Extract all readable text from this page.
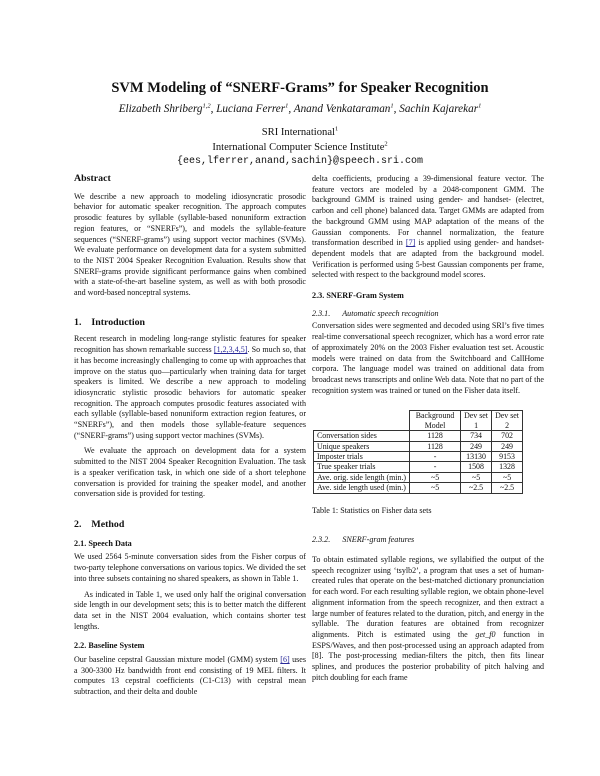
SVM Modeling of “SNERF-Grams” for Speaker Recognition
Elizabeth Shriberg$^{1,2}$, Luciana Ferrer$^1$, Anand Venkataraman$^1$, Sachin Kajarekar$^1$
SRI International$^1$
International Computer Science Institute$^2$
{ees,lferrer,anand,sachin}@speech.sri.com

Abstract

We describe a new approach to modeling idiosyncratic prosodic behavior for automatic speaker recognition. The approach computes prosodic features by syllable (syllable-based nonuniform extraction region features, or “SNERFs”), and models the syllable-feature sequences (“SNERF-grams”) using support vector machines (SVMs). We evaluate performance on development data for a system submitted to the NIST 2004 Speaker Recognition Evaluation. Results show that SNERF-grams provide significant performance gains when combined with a state-of-the-art baseline system, as well as with both prosodic and word-based nonceptral systems.

1. Introduction

Recent research in modeling long-range stylistic features for speaker recognition has shown remarkable success [1,2,3,4,5]. So much so, that it has become increasingly challenging to come up with approaches that improve on the status quo—particularly when training data for target speakers is limited. We describe a new approach to modeling idiosyncratic stylistic prosodic behaviors for automatic speaker recognition. The approach computes prosodic features associated with each syllable (syllable-based nonuniform extraction region features, or “SNERFs”), and then models those syllable-feature sequences (“SNERF-grams”) using support vector machines (SVMs).

We evaluate the approach on development data for a system submitted to the NIST 2004 Speaker Recognition Evaluation. The task is a speaker verification task, in which one side of a short telephone conversation is provided for training the speaker model, and another conversation side is provided for testing.

2. Method

2.1. Speech Data

We used 2564 5-minute conversation sides from the Fisher corpus of two-party telephone conversations on various topics. We divided the set into three subsets containing no shared speakers, as shown in Table 1.

As indicated in Table 1, we used only half the original conversation side length in our development sets; this is to better match the different data set in the NIST 2004 evaluation, which contains shorter test lengths.

2.2. Baseline System

Our baseline cepstral Gaussian mixture model (GMM) system [6] uses a 300-3300 Hz bandwidth front end consisting of 19 MEL filters. It computes 13 cepstral coefficients (C1-C13) with cepstral mean subtraction, and their delta and double

delta coefficients, producing a 39-dimensional feature vector. The feature vectors are modeled by a 2048-component GMM. The background GMM is trained using gender- and handset- (electret, carbon and cell phone) balanced data. Target GMMs are adapted from the background GMM using MAP adaptation of the means of the Gaussian components. For channel normalization, the feature transformation described in [7] is applied using gender- and handset-dependent models that are adapted from the background model. Verification is performed using 5-best Gaussian components per frame, selected with respect to the background model scores.

2.3. SNERF-Gram System

2.3.1.      Automatic speech recognition

Conversation sides were segmented and decoded using SRI’s five times real-time conversational speech recognizer, which has a word error rate of approximately 20% on the 2003 Fisher evaluation test set. Acoustic models were trained on data from the Switchboard and CallHome corpora. The language model was trained on additional data from broadcast news transcripts and online Web data. Note that no part of the recognition system was trained or tuned on the Fisher data itself.

	Background Model	Dev set 1	Dev set 2
Conversation sides	1128	734	702
Unique speakers	1128	249	249
Imposter trials	-	13130	9153
True speaker trials	-	1508	1328
Ave. orig. side length (min.)	~5	~5	~5
Ave. side length used (min.)	~5	~2.5	~2.5

Table 1: Statistics on Fisher data sets

2.3.2.      SNERF-gram features

To obtain estimated syllable regions, we syllabified the output of the speech recognizer using ‘tsylb2’, a program that uses a set of human-created rules that operate on the best-matched dictionary pronunciation for each word. For each resulting syllable region, we obtain phone-level alignment information from the speech recognizer, and then extract a large number of features related to the duration, pitch, and energy in the syllable. The duration features are obtained from recognizer alignments. Pitch is estimated using the get_f0 function in ESPS/Waves, and then post-processed using an approach adapted from [8]. The post-processing median-filters the pitch, then fits linear splines, and produces the posterior probability of pitch halving and pitch doubling for each frame
